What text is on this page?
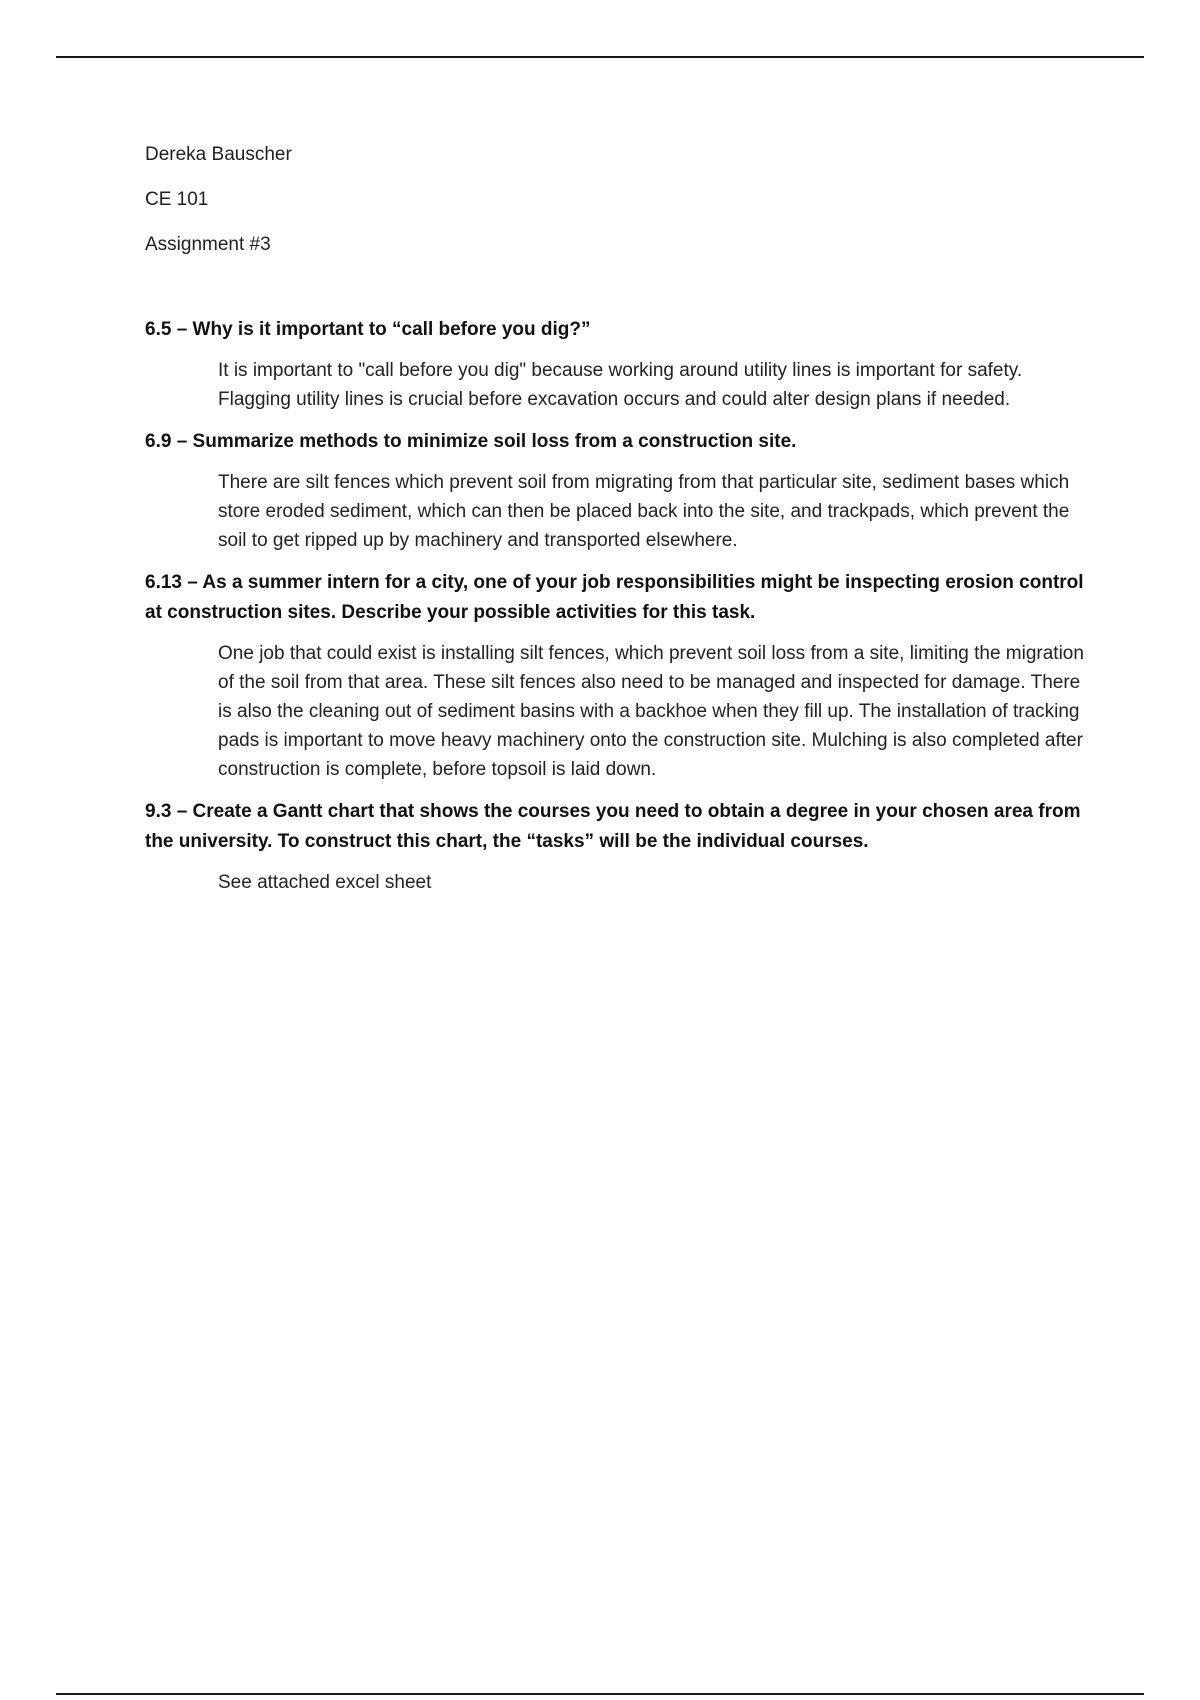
Dereka Bauscher

CE 101

Assignment #3

6.5 – Why is it important to “call before you dig?”

It is important to "call before you dig" because working around utility lines is important for safety. Flagging utility lines is crucial before excavation occurs and could alter design plans if needed.

6.9 – Summarize methods to minimize soil loss from a construction site.

There are silt fences which prevent soil from migrating from that particular site, sediment bases which store eroded sediment, which can then be placed back into the site, and trackpads, which prevent the soil to get ripped up by machinery and transported elsewhere.

6.13 – As a summer intern for a city, one of your job responsibilities might be inspecting erosion control at construction sites. Describe your possible activities for this task.

One job that could exist is installing silt fences, which prevent soil loss from a site, limiting the migration of the soil from that area. These silt fences also need to be managed and inspected for damage. There is also the cleaning out of sediment basins with a backhoe when they fill up. The installation of tracking pads is important to move heavy machinery onto the construction site. Mulching is also completed after construction is complete, before topsoil is laid down.

9.3 – Create a Gantt chart that shows the courses you need to obtain a degree in your chosen area from the university. To construct this chart, the “tasks” will be the individual courses.

See attached excel sheet
